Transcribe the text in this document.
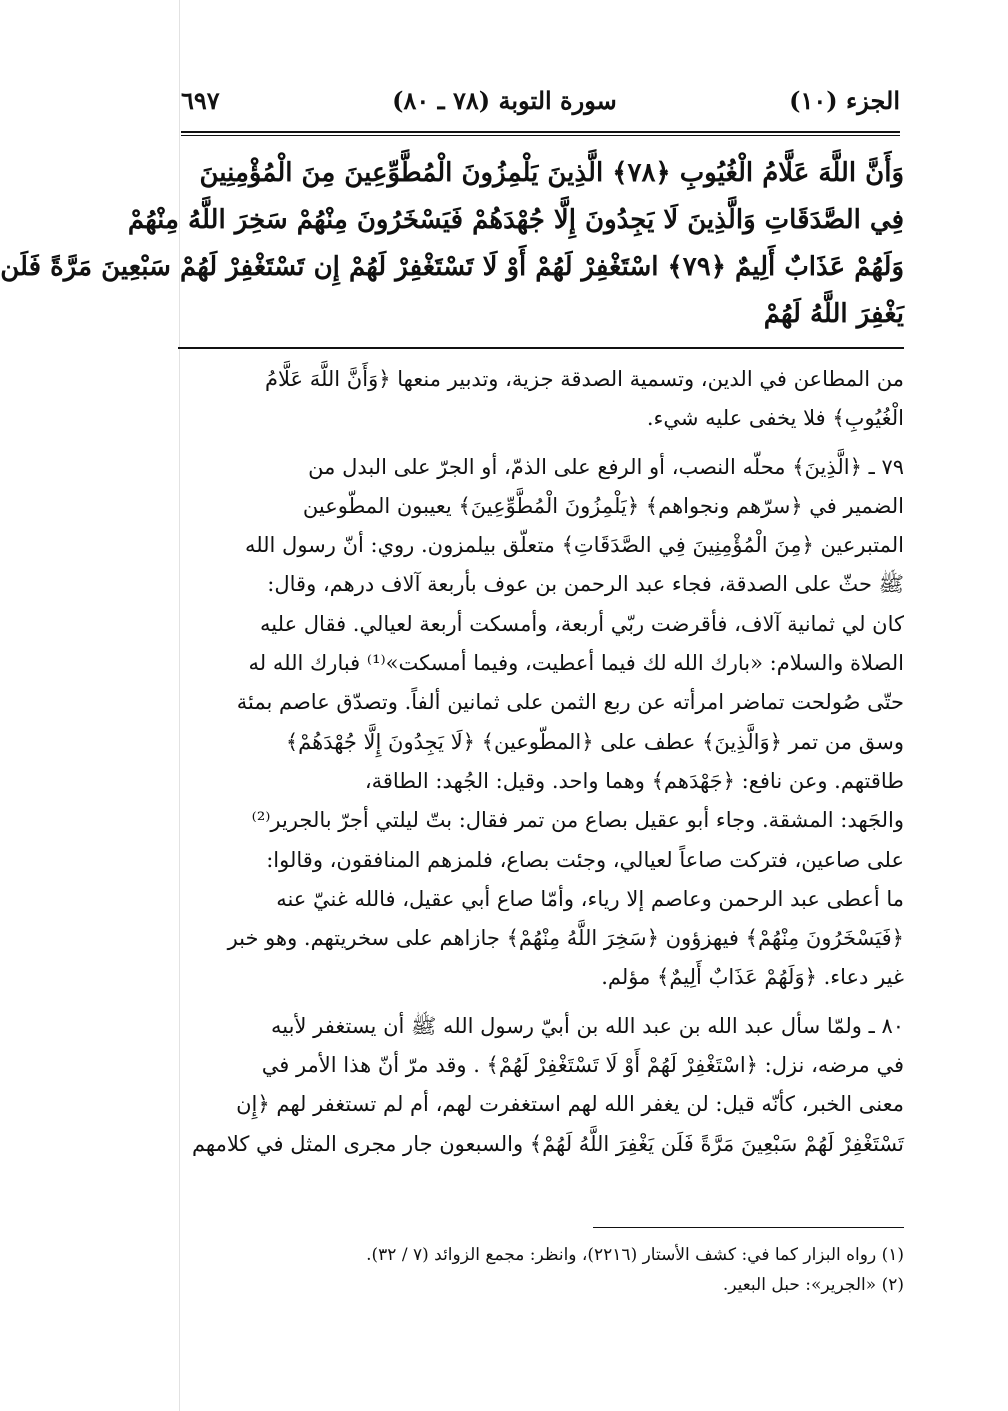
الجزء (١٠)
سورة التوبة (٧٨ ـ ٨٠)
٦٩٧
وَأَنَّ اللَّهَ عَلَّامُ الْغُيُوبِ ﴿٧٨﴾ الَّذِينَ يَلْمِزُونَ الْمُطَّوِّعِينَ مِنَ الْمُؤْمِنِينَ
فِي الصَّدَقَاتِ وَالَّذِينَ لَا يَجِدُونَ إِلَّا جُهْدَهُمْ فَيَسْخَرُونَ مِنْهُمْ سَخِرَ اللَّهُ مِنْهُمْ
وَلَهُمْ عَذَابٌ أَلِيمٌ ﴿٧٩﴾ اسْتَغْفِرْ لَهُمْ أَوْ لَا تَسْتَغْفِرْ لَهُمْ إِن تَسْتَغْفِرْ لَهُمْ سَبْعِينَ مَرَّةً فَلَن
يَغْفِرَ اللَّهُ لَهُمْ

من المطاعن في الدين، وتسمية الصدقة جزية، وتدبير منعها ﴿وَأَنَّ اللَّهَ عَلَّامُ
الْغُيُوبِ﴾ فلا يخفى عليه شيء.

٧٩ ـ ﴿الَّذِينَ﴾ محلّه النصب، أو الرفع على الذمّ، أو الجرّ على البدل من
الضمير في ﴿سرّهم ونجواهم﴾ ﴿يَلْمِزُونَ الْمُطَّوِّعِينَ﴾ يعيبون المطّوعين
المتبرعين ﴿مِنَ الْمُؤْمِنِينَ فِي الصَّدَقَاتِ﴾ متعلّق بيلمزون. روي: أنّ رسول الله
ﷺ حثّ على الصدقة، فجاء عبد الرحمن بن عوف بأربعة آلاف درهم، وقال:
كان لي ثمانية آلاف، فأقرضت ربّي أربعة، وأمسكت أربعة لعيالي. فقال عليه
الصلاة والسلام: «بارك الله لك فيما أعطيت، وفيما أمسكت»⁽¹⁾ فبارك الله له
حتّى صُولحت تماضر امرأته عن ربع الثمن على ثمانين ألفاً. وتصدّق عاصم بمئة
وسق من تمر ﴿وَالَّذِينَ﴾ عطف على ﴿المطّوعين﴾ ﴿لَا يَجِدُونَ إِلَّا جُهْدَهُمْ﴾
طاقتهم. وعن نافع: ﴿جَهْدَهم﴾ وهما واحد. وقيل: الجُهد: الطاقة،
والجَهد: المشقة. وجاء أبو عقيل بصاع من تمر فقال: بتّ ليلتي أجرّ بالجرير⁽²⁾
على صاعين، فتركت صاعاً لعيالي، وجئت بصاع، فلمزهم المنافقون، وقالوا:
ما أعطى عبد الرحمن وعاصم إلا رياء، وأمّا صاع أبي عقيل، فالله غنيّ عنه
﴿فَيَسْخَرُونَ مِنْهُمْ﴾ فيهزؤون ﴿سَخِرَ اللَّهُ مِنْهُمْ﴾ جازاهم على سخريتهم. وهو خبر
غير دعاء. ﴿وَلَهُمْ عَذَابٌ أَلِيمٌ﴾ مؤلم.

٨٠ ـ ولمّا سأل عبد الله بن عبد الله بن أبيّ رسول الله ﷺ أن يستغفر لأبيه
في مرضه، نزل: ﴿اسْتَغْفِرْ لَهُمْ أَوْ لَا تَسْتَغْفِرْ لَهُمْ﴾ . وقد مرّ أنّ هذا الأمر في
معنى الخبر، كأنّه قيل: لن يغفر الله لهم استغفرت لهم، أم لم تستغفر لهم ﴿إِن
تَسْتَغْفِرْ لَهُمْ سَبْعِينَ مَرَّةً فَلَن يَغْفِرَ اللَّهُ لَهُمْ﴾ والسبعون جار مجرى المثل في كلامهم

(١) رواه البزار كما في: كشف الأستار (٢٢١٦)، وانظر: مجمع الزوائد (٧ / ٣٢).
(٢) «الجرير»: حبل البعير.
